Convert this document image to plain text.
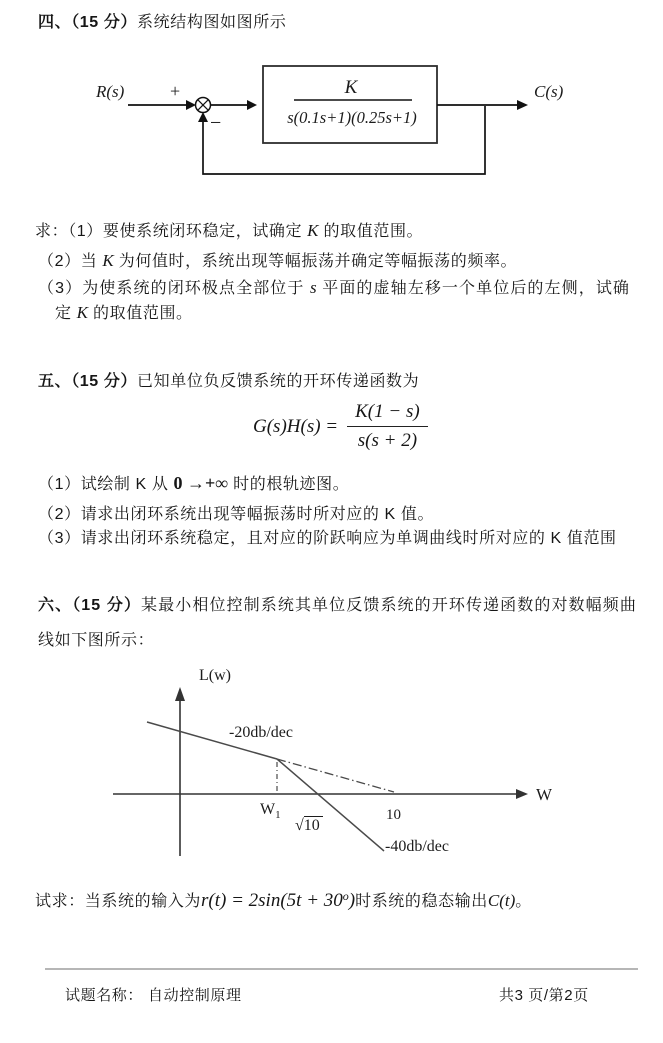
四、（15 分）系统结构图如图所示
R(s)	+
−
K
s(0.1s+1)(0.25s+1)
C(s)
求：（1）要使系统闭环稳定，试确定 K 的取值范围。
（2）当 K 为何值时，系统出现等幅振荡并确定等幅振荡的频率。
（3）为使系统的闭环极点全部位于 s 平面的虚轴左移一个单位后的左侧，试确
定 K 的取值范围。
五、（15 分）已知单位负反馈系统的开环传递函数为
$G(s)H(s) = \frac{K(1 - s)}{s(s + 2)}$
（1）试绘制 K 从 0 →+∞ 时的根轨迹图。
（2）请求出闭环系统出现等幅振荡时所对应的 K 值。
（3）请求出闭环系统稳定，且对应的阶跃响应为单调曲线时所对应的 K 值范围
六、（15 分）某最小相位控制系统其单位反馈系统的开环传递函数的对数幅频曲
线如下图所示：
L(w)
-20db/dec
W
$W_1$
√10
10
-40db/dec
试求：当系统的输入为 $r(t) = 2\sin(5t + 30^o)$ 时系统的稳态输出 C(t) 。
试题名称： 自动控制原理	共3 页/第2页
